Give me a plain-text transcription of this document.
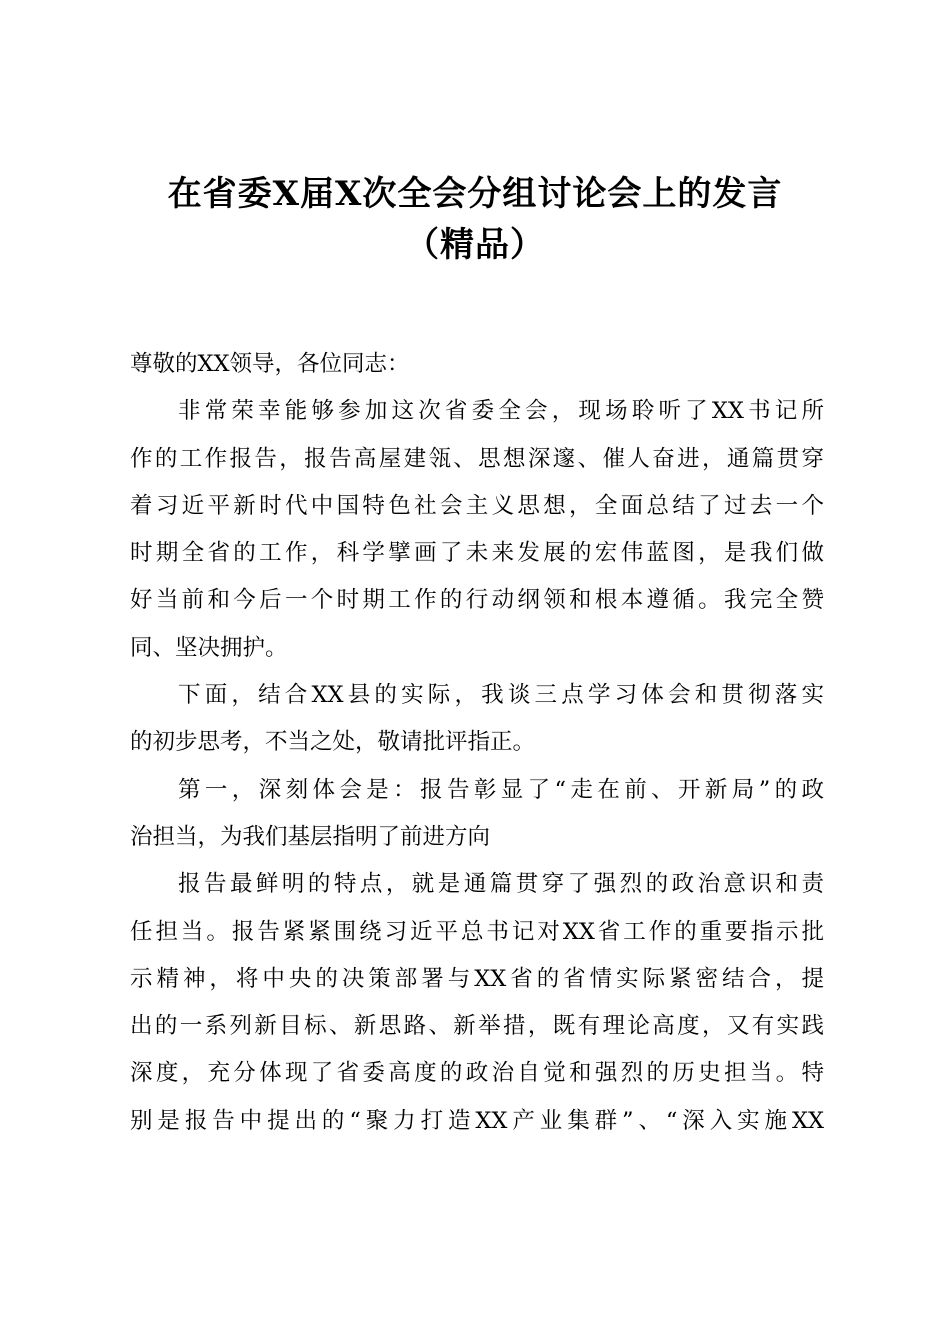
在省委X届X次全会分组讨论会上的发言
（精品）
尊敬的XX领导，各位同志：
非常荣幸能够参加这次省委全会，现场聆听了XX书记所
作的工作报告，报告高屋建瓴、思想深邃、催人奋进，通篇贯穿
着习近平新时代中国特色社会主义思想，全面总结了过去一个
时期全省的工作，科学擘画了未来发展的宏伟蓝图，是我们做
好当前和今后一个时期工作的行动纲领和根本遵循。我完全赞
同、坚决拥护。
下面，结合XX县的实际，我谈三点学习体会和贯彻落实
的初步思考，不当之处，敬请批评指正。
第一，深刻体会是：报告彰显了“走在前、开新局”的政
治担当，为我们基层指明了前进方向
报告最鲜明的特点，就是通篇贯穿了强烈的政治意识和责
任担当。报告紧紧围绕习近平总书记对XX省工作的重要指示批
示精神，将中央的决策部署与XX省的省情实际紧密结合，提
出的一系列新目标、新思路、新举措，既有理论高度，又有实践
深度，充分体现了省委高度的政治自觉和强烈的历史担当。特
别是报告中提出的“聚力打造XX产业集群”、“深入实施XX
